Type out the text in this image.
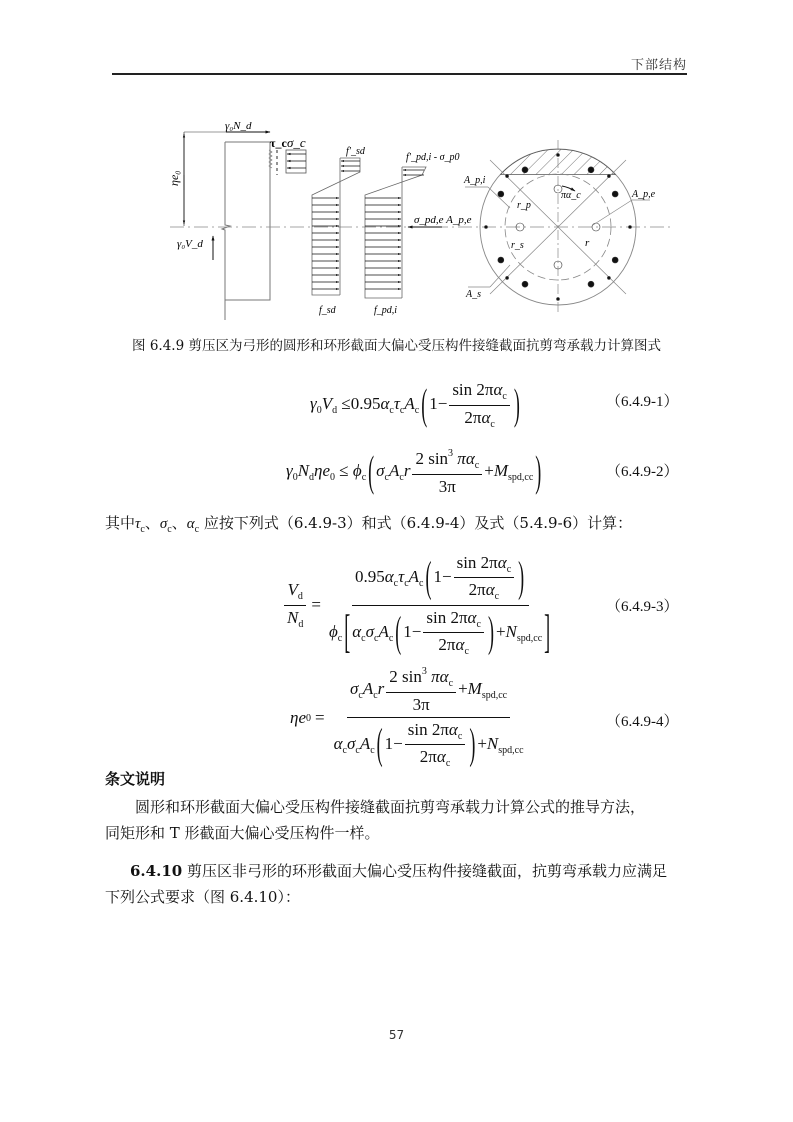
下部结构
γ₀N_d
ηe₀
γ₀V_d
τ_c σ_c
f′_sd
f′_pd,i - σ_p0
σ_pd,e A_p,e
f_sd	f_pd,i
A_p,i
A_p,e
A_s
r_p
r_s	r
πα_c
图 6.4.9 剪压区为弓形的圆形和环形截面大偏心受压构件接缝截面抗剪弯承载力计算图式
$\gamma_0V_d \le 0.95\alpha_c\tau_cA_c$ ( $1- \frac{\sin 2\pi\alpha_c}{2\pi\alpha_c}$ )	（6.4.9-1）
$\gamma_0N_d\eta e_0 \le \phi_c$ ( $\sigma_cA_cr \frac{2 \sin^3 \pi\alpha_c}{3\pi} +M_{spd,cc}$ )	（6.4.9-2）
其中$\tau_c$、$\sigma_c$、$\alpha_c$ 应按下列式（6.4.9-3）和式（6.4.9-4）及式（5.4.9-6）计算：
$\frac{V_d}{N_d} = \frac{0.95\alpha_c\tau_cA_c ( 1- \frac{\sin 2\pi\alpha_c}{2\pi\alpha_c} )}{\phi_c [ \alpha_c\sigma_cA_c ( 1- \frac{\sin 2\pi\alpha_c}{2\pi\alpha_c} ) +N_{spd,cc} ]}$	（6.4.9-3）
η e $0 = \frac{\sigma_cA_cr \frac{2 \sin^3 \pi\alpha_c}{3\pi} +M_{spd,cc}}{\alpha_c\sigma_cA_c ( 1- \frac{\sin 2\pi\alpha_c}{2\pi\alpha_c} ) +N_{spd,cc}}$	（6.4.9-4）
条文说明
圆形和环形截面大偏心受压构件接缝截面抗剪弯承载力计算公式的推导方法，
同矩形和 T 形截面大偏心受压构件一样。
6.4.10 剪压区非弓形的环形截面大偏心受压构件接缝截面，抗剪弯承载力应满足
下列公式要求（图 6.4.10）：
57
